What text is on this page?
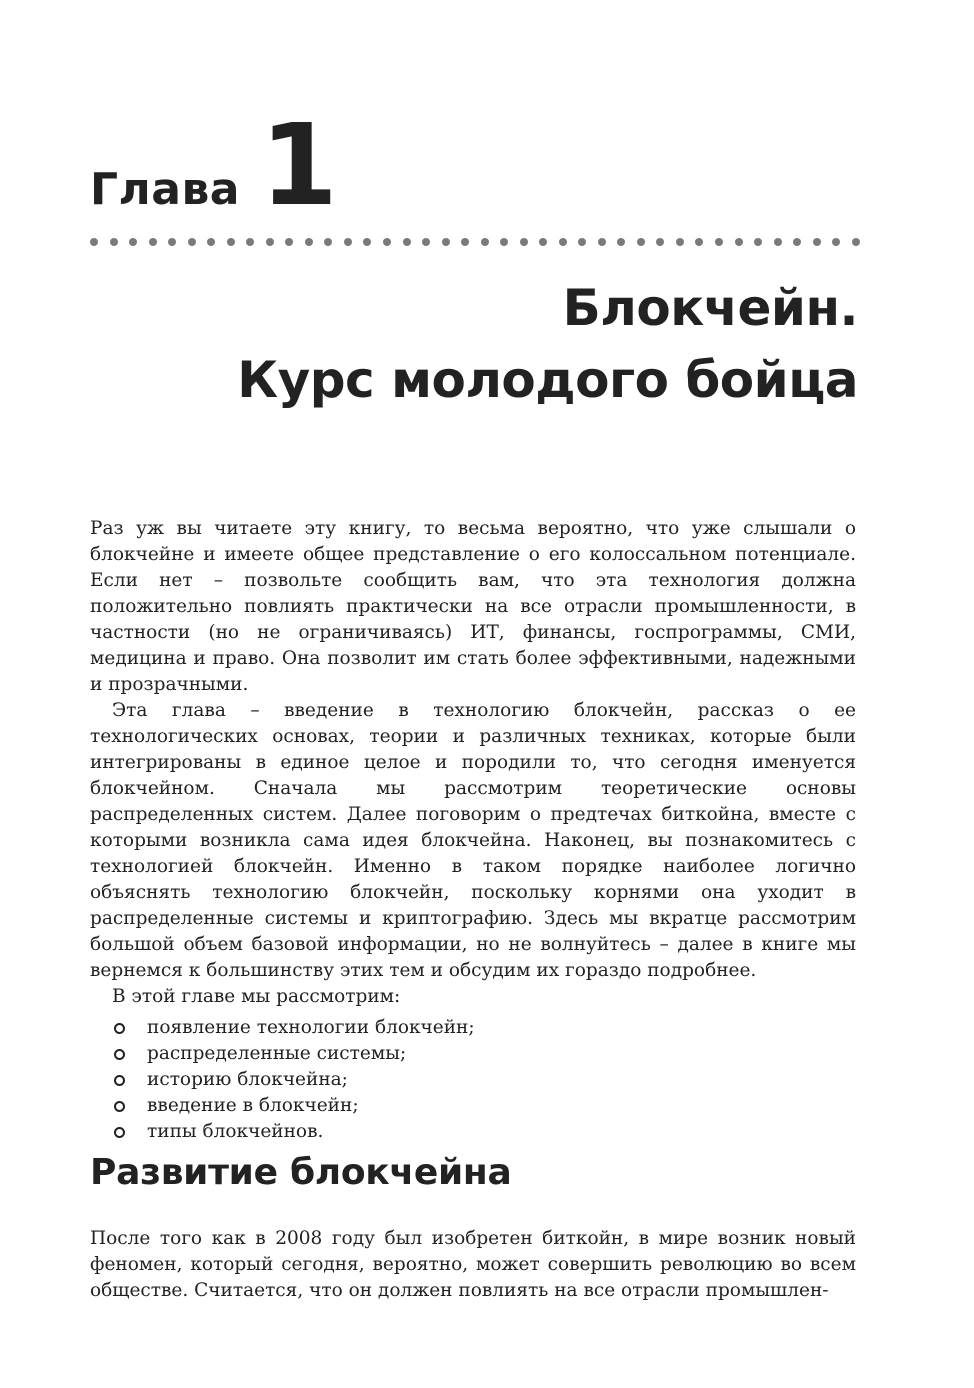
Глава 1
Блокчейн.
Курс молодого бойца

Раз уж вы читаете эту книгу, то весьма вероятно, что уже слышали о блокчейне и имеете общее представление о его колоссальном потенциале. Если нет – позвольте сообщить вам, что эта технология должна положительно повлиять практически на все отрасли промышленности, в частности (но не ограничиваясь) ИТ, финансы, госпрограммы, СМИ, медицина и право. Она позволит им стать более эффективными, надежными и прозрачными.

Эта глава – введение в технологию блокчейн, рассказ о ее технологических основах, теории и различных техниках, которые были интегрированы в единое целое и породили то, что сегодня именуется блокчейном. Сначала мы рассмотрим теоретические основы распределенных систем. Далее поговорим о предтечах биткойна, вместе с которыми возникла сама идея блокчейна. Наконец, вы познакомитесь с технологией блокчейн. Именно в таком порядке наиболее логично объяснять технологию блокчейн, поскольку корнями она уходит в распределенные системы и криптографию. Здесь мы вкратце рассмотрим большой объем базовой информации, но не волнуйтесь – далее в книге мы вернемся к большинству этих тем и обсудим их гораздо подробнее.

В этой главе мы рассмотрим:

появление технологии блокчейн;
распределенные системы;
историю блокчейна;
введение в блокчейн;
типы блокчейнов.
Развитие блокчейна

После того как в 2008 году был изобретен биткойн, в мире возник новый феномен, который сегодня, вероятно, может совершить революцию во всем обществе. Считается, что он должен повлиять на все отрасли промышлен-
